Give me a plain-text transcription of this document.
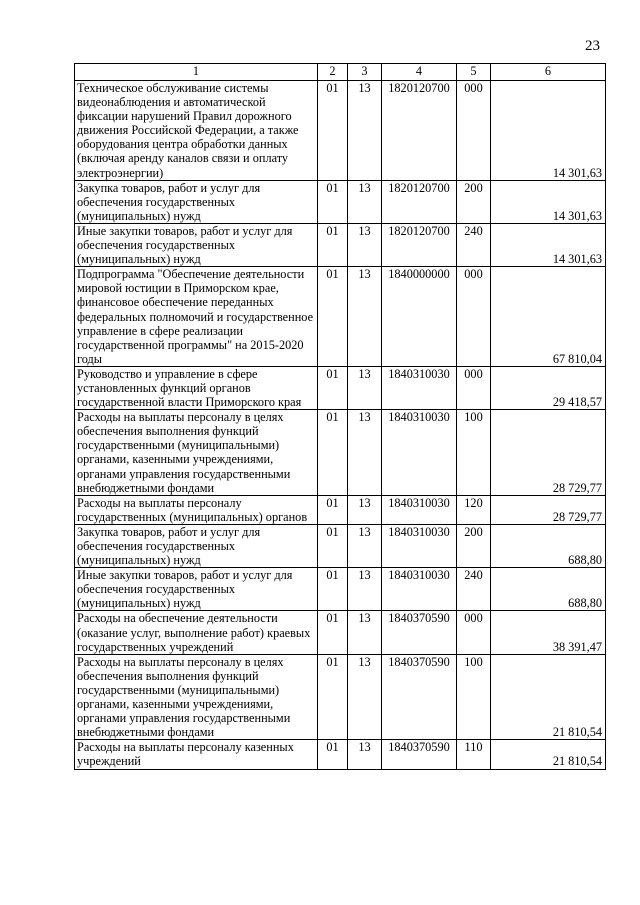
23
1	2	3	4	5	6
Техническое обслуживание системы видеонаблюдения и автоматической фиксации нарушений Правил дорожного движения Российской Федерации, а также оборудования центра обработки данных (включая аренду каналов связи и оплату электроэнергии)	01	13	1820120700	000	14 301,63
Закупка товаров, работ и услуг для обеспечения государственных (муниципальных) нужд	01	13	1820120700	200	14 301,63
Иные закупки товаров, работ и услуг для обеспечения государственных (муниципальных) нужд	01	13	1820120700	240	14 301,63
Подпрограмма "Обеспечение деятельности мировой юстиции в Приморском крае, финансовое обеспечение переданных федеральных полномочий и государственное управление в сфере реализации государственной программы" на 2015-2020 годы	01	13	1840000000	000	67 810,04
Руководство и управление в сфере установленных функций органов государственной власти Приморского края	01	13	1840310030	000	29 418,57
Расходы на выплаты персоналу в целях обеспечения выполнения функций государственными (муниципальными) органами, казенными учреждениями, органами управления государственными внебюджетными фондами	01	13	1840310030	100	28 729,77
Расходы на выплаты персоналу государственных (муниципальных) органов	01	13	1840310030	120	28 729,77
Закупка товаров, работ и услуг для обеспечения государственных (муниципальных) нужд	01	13	1840310030	200	688,80
Иные закупки товаров, работ и услуг для обеспечения государственных (муниципальных) нужд	01	13	1840310030	240	688,80
Расходы на обеспечение деятельности (оказание услуг, выполнение работ) краевых государственных учреждений	01	13	1840370590	000	38 391,47
Расходы на выплаты персоналу в целях обеспечения выполнения функций государственными (муниципальными) органами, казенными учреждениями, органами управления государственными внебюджетными фондами	01	13	1840370590	100	21 810,54
Расходы на выплаты персоналу казенных учреждений	01	13	1840370590	110	21 810,54
